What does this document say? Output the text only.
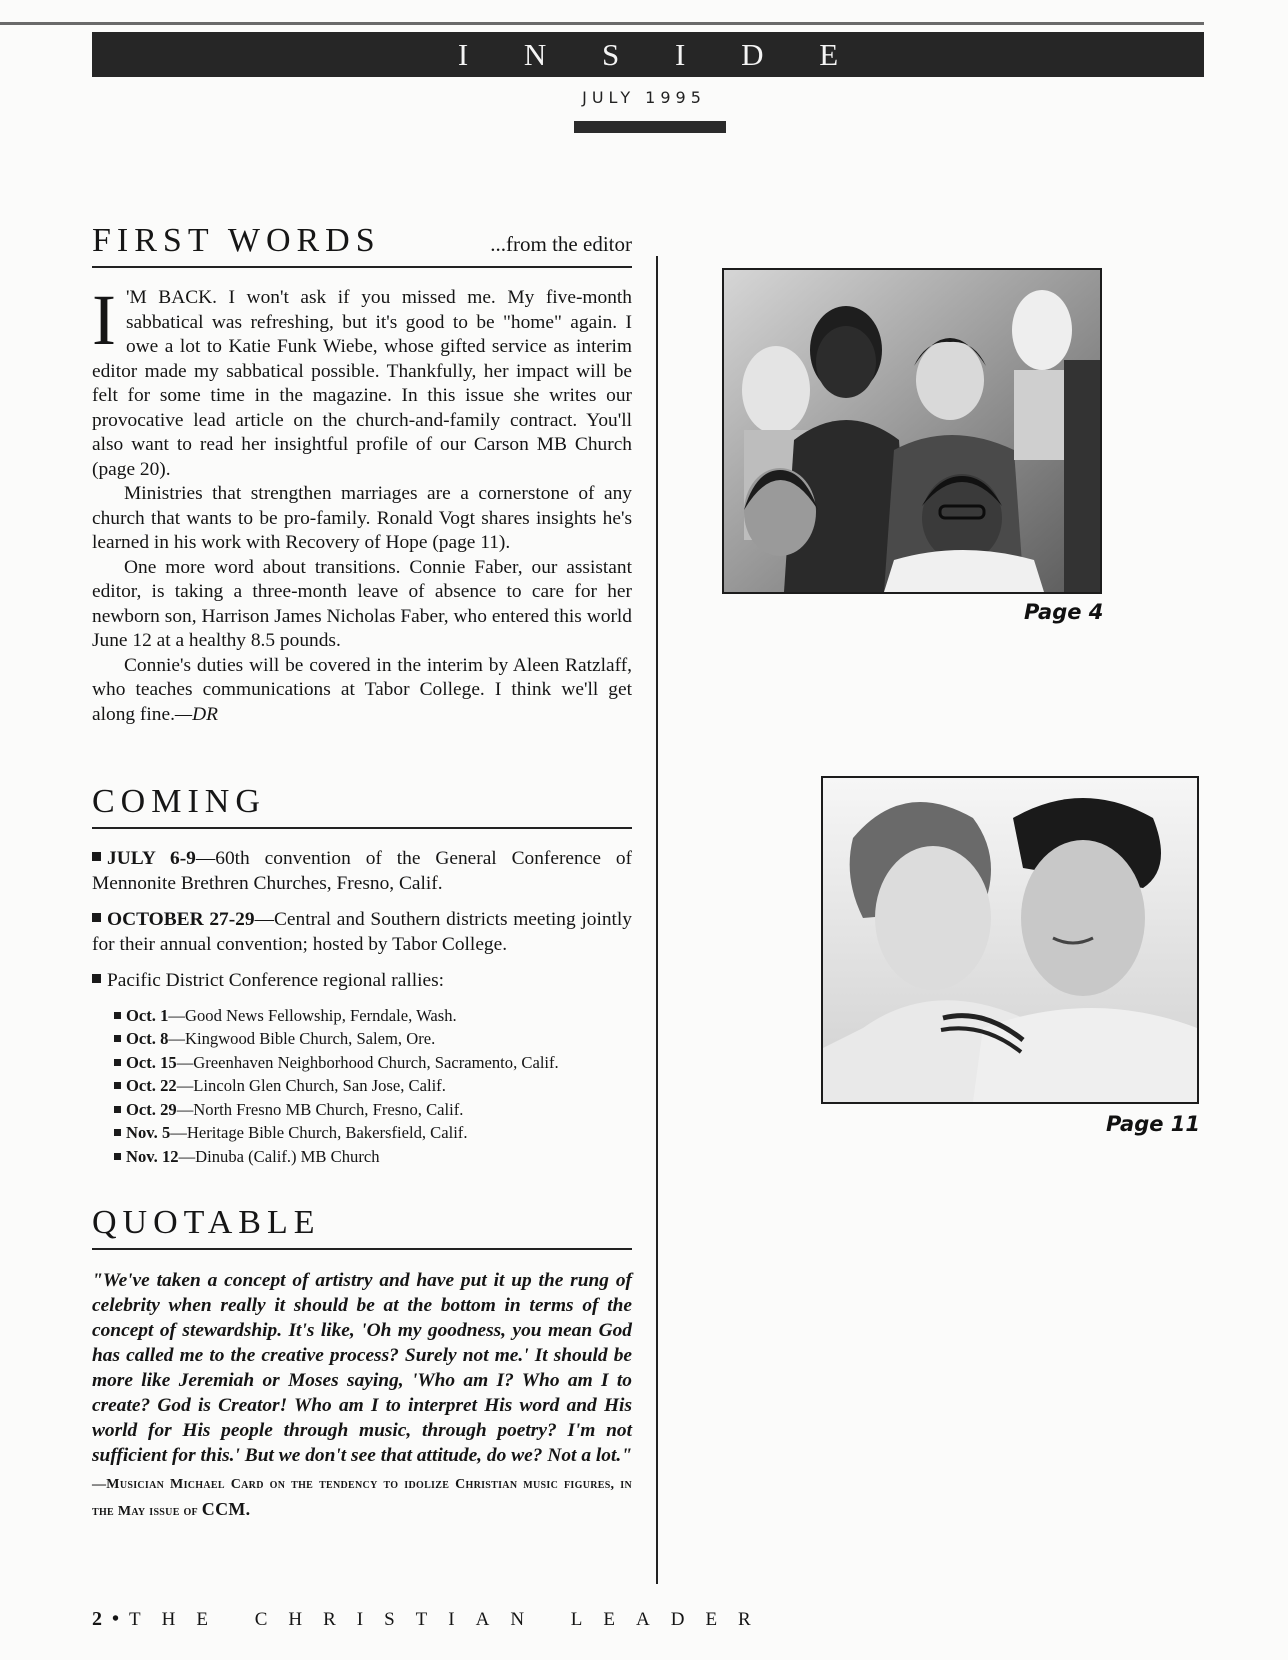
I N S I D E
JULY 1995
FIRST WORDS	...from the editor

I 'M BACK. I won't ask if you missed me. My five-month sabbatical was refreshing, but it's good to be "home" again. I owe a lot to Katie Funk Wiebe, whose gifted service as interim editor made my sabbatical possible. Thankfully, her impact will be felt for some time in the magazine. In this issue she writes our provocative lead article on the church-and-family contract. You'll also want to read her insightful profile of our Carson MB Church (page 20).

Ministries that strengthen marriages are a cornerstone of any church that wants to be pro-family. Ronald Vogt shares insights he's learned in his work with Recovery of Hope (page 11).

One more word about transitions. Connie Faber, our assistant editor, is taking a three-month leave of absence to care for her newborn son, Harrison James Nicholas Faber, who entered this world June 12 at a healthy 8.5 pounds.

Connie's duties will be covered in the interim by Aleen Ratzlaff, who teaches communications at Tabor College. I think we'll get along fine.—DR

COMING

JULY 6-9—60th convention of the General Conference of Mennonite Brethren Churches, Fresno, Calif.

OCTOBER 27-29—Central and Southern districts meeting jointly for their annual convention; hosted by Tabor College.

Pacific District Conference regional rallies:

Oct. 1—Good News Fellowship, Ferndale, Wash.
Oct. 8—Kingwood Bible Church, Salem, Ore.
Oct. 15—Greenhaven Neighborhood Church, Sacramento, Calif.
Oct. 22—Lincoln Glen Church, San Jose, Calif.
Oct. 29—North Fresno MB Church, Fresno, Calif.
Nov. 5—Heritage Bible Church, Bakersfield, Calif.
Nov. 12—Dinuba (Calif.) MB Church
QUOTABLE

"We've taken a concept of artistry and have put it up the rung of celebrity when really it should be at the bottom in terms of the concept of stewardship. It's like, 'Oh my goodness, you mean God has called me to the creative process? Surely not me.' It should be more like Jeremiah or Moses saying, 'Who am I? Who am I to create? God is Creator! Who am I to interpret His word and His world for His people through music, through poetry? I'm not sufficient for this.' But we don't see that attitude, do we? Not a lot." —Musician Michael Card on the tendency to idolize Christian music figures, in the May issue of CCM.

Page 4
Page 11
2 • THE CHRISTIAN LEADER
